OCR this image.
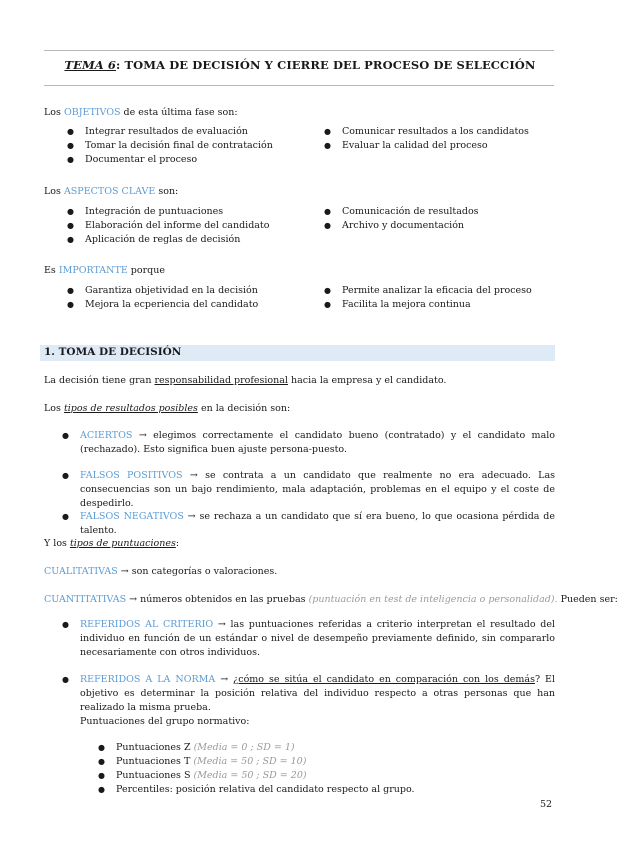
TEMA 6: TOMA DE DECISIÓN Y CIERRE DEL PROCESO DE SELECCIÓN
Los OBJETIVOS de esta última fase son:
● Integrar resultados de evaluación
● Tomar la decisión final de contratación
● Documentar el proceso
● Comunicar resultados a los candidatos
● Evaluar la calidad del proceso
Los ASPECTOS CLAVE son:
● Integración de puntuaciones
● Elaboración del informe del candidato
● Aplicación de reglas de decisión
● Comunicación de resultados
● Archivo y documentación
Es IMPORTANTE porque
● Garantiza objetividad en la decisión
● Mejora la ecperiencia del candidato
● Permite analizar la eficacia del proceso
● Facilita la mejora continua
1. TOMA DE DECISIÓN
La decisión tiene gran responsabilidad profesional hacia la empresa y el candidato.
Los tipos de resultados posibles en la decisión son:
● ACIERTOS → elegimos correctamente el candidato bueno (contratado) y el candidato malo (rechazado). Esto significa buen ajuste persona-puesto.
● FALSOS POSITIVOS → se contrata a un candidato que realmente no era adecuado. Las consecuencias son un bajo rendimiento, mala adaptación, problemas en el equipo y el coste de despedirlo.
● FALSOS NEGATIVOS → se rechaza a un candidato que sí era bueno, lo que ocasiona pérdida de talento.
Y los tipos de puntuaciones:
CUALITATIVAS → son categorías o valoraciones.
CUANTITATIVAS → números obtenidos en las pruebas (puntuación en test de inteligencia o personalidad). Pueden ser:
● REFERIDOS AL CRITERIO → las puntuaciones referidas a criterio interpretan el resultado del individuo en función de un estándar o nivel de desempeño previamente definido, sin compararlo necesariamente con otros individuos.
● REFERIDOS A LA NORMA → ¿cómo se sitúa el candidato en comparación con los demás? El objetivo es determinar la posición relativa del individuo respecto a otras personas que han realizado la misma prueba.
Puntuaciones del grupo normativo:
● Puntuaciones Z (Media = 0 ; SD = 1)
● Puntuaciones T (Media = 50 ; SD = 10)
● Puntuaciones S (Media = 50 ; SD = 20)
● Percentiles: posición relativa del candidato respecto al grupo.
52
